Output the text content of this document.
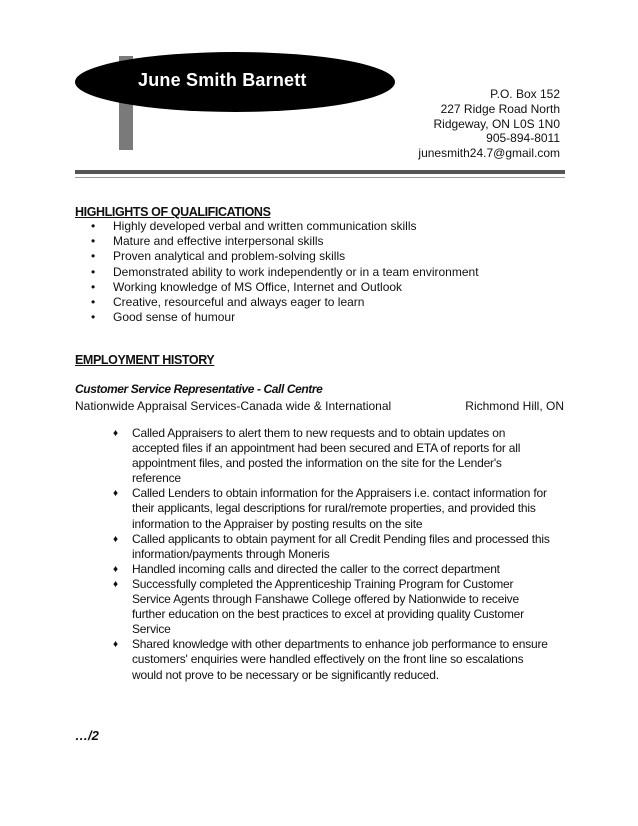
June Smith Barnett
P.O. Box 152
227 Ridge Road North
Ridgeway, ON L0S 1N0
905-894-8011
junesmith24.7@gmail.com
HIGHLIGHTS OF QUALIFICATIONS
• Highly developed verbal and written communication skills
• Mature and effective interpersonal skills
• Proven analytical and problem-solving skills
• Demonstrated ability to work independently or in a team environment
• Working knowledge of MS Office, Internet and Outlook
• Creative, resourceful and always eager to learn
• Good sense of humour
EMPLOYMENT HISTORY
Customer Service Representative - Call Centre
Nationwide Appraisal Services-Canada wide & International	Richmond Hill, ON
♦ Called Appraisers to alert them to new requests and to obtain updates on accepted files if an appointment had been secured and ETA of reports for all appointment files, and posted the information on the site for the Lender's reference
♦ Called Lenders to obtain information for the Appraisers i.e. contact information for their applicants, legal descriptions for rural/remote properties, and provided this information to the Appraiser by posting results on the site
♦ Called applicants to obtain payment for all Credit Pending files and processed this information/payments through Moneris
♦ Handled incoming calls and directed the caller to the correct department
♦ Successfully completed the Apprenticeship Training Program for Customer Service Agents through Fanshawe College offered by Nationwide to receive further education on the best practices to excel at providing quality Customer Service
♦ Shared knowledge with other departments to enhance job performance to ensure customers' enquiries were handled effectively on the front line so escalations would not prove to be necessary or be significantly reduced.
…/2
